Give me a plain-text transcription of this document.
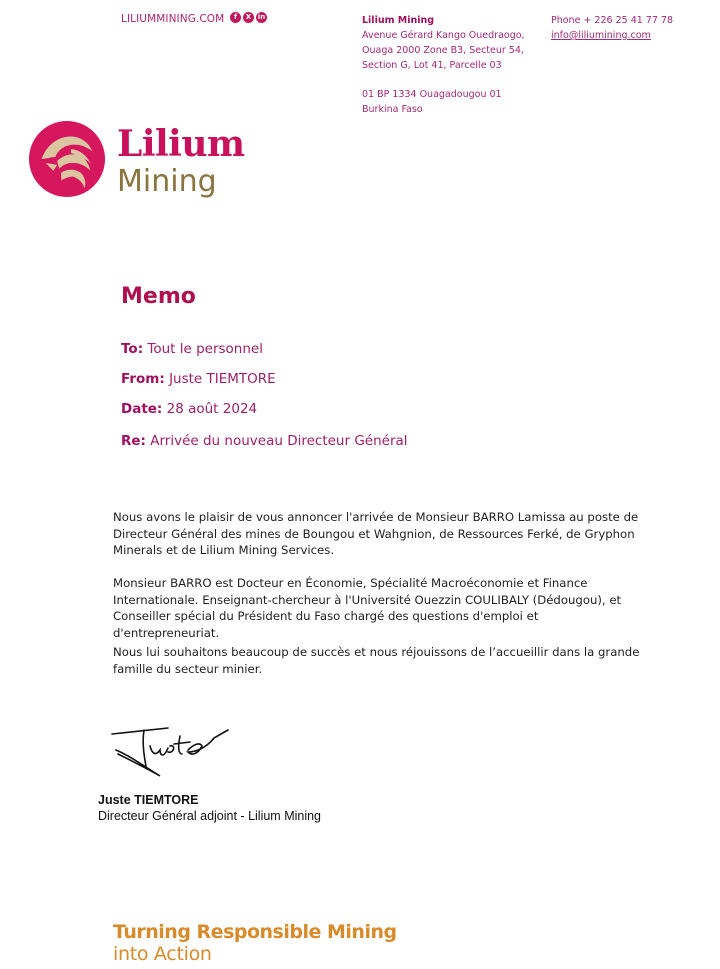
LILIUMMINING.COM	f	X in	Lilium Mining
Avenue Gérard Kango Ouedraogo,
Ouaga 2000 Zone B3, Secteur 54,
Section G, Lot 41, Parcelle 03
01 BP 1334 Ouagadougou 01
Burkina Faso
Phone + 226 25 41 77 78
info@liliumining.com
Lilium
Mining
Memo
To: Tout le personnel
From: Juste TIEMTORE
Date: 28 août 2024
Re: Arrivée du nouveau Directeur Général

Nous avons le plaisir de vous annoncer l'arrivée de Monsieur BARRO Lamissa au poste de Directeur Général des mines de Boungou et Wahgnion, de Ressources Ferké, de Gryphon Minerals et de Lilium Mining Services.

Monsieur BARRO est Docteur en Économie, Spécialité Macroéconomie et Finance Internationale. Enseignant-chercheur à l'Université Ouezzin COULIBALY (Dédougou), et Conseiller spécial du Président du Faso chargé des questions d'emploi et d'entrepreneuriat.

Nous lui souhaitons beaucoup de succès et nous réjouissons de l’accueillir dans la grande famille du secteur minier.

Juste TIEMTORE
Directeur Général adjoint - Lilium Mining
Turning Responsible Mining
into Action
